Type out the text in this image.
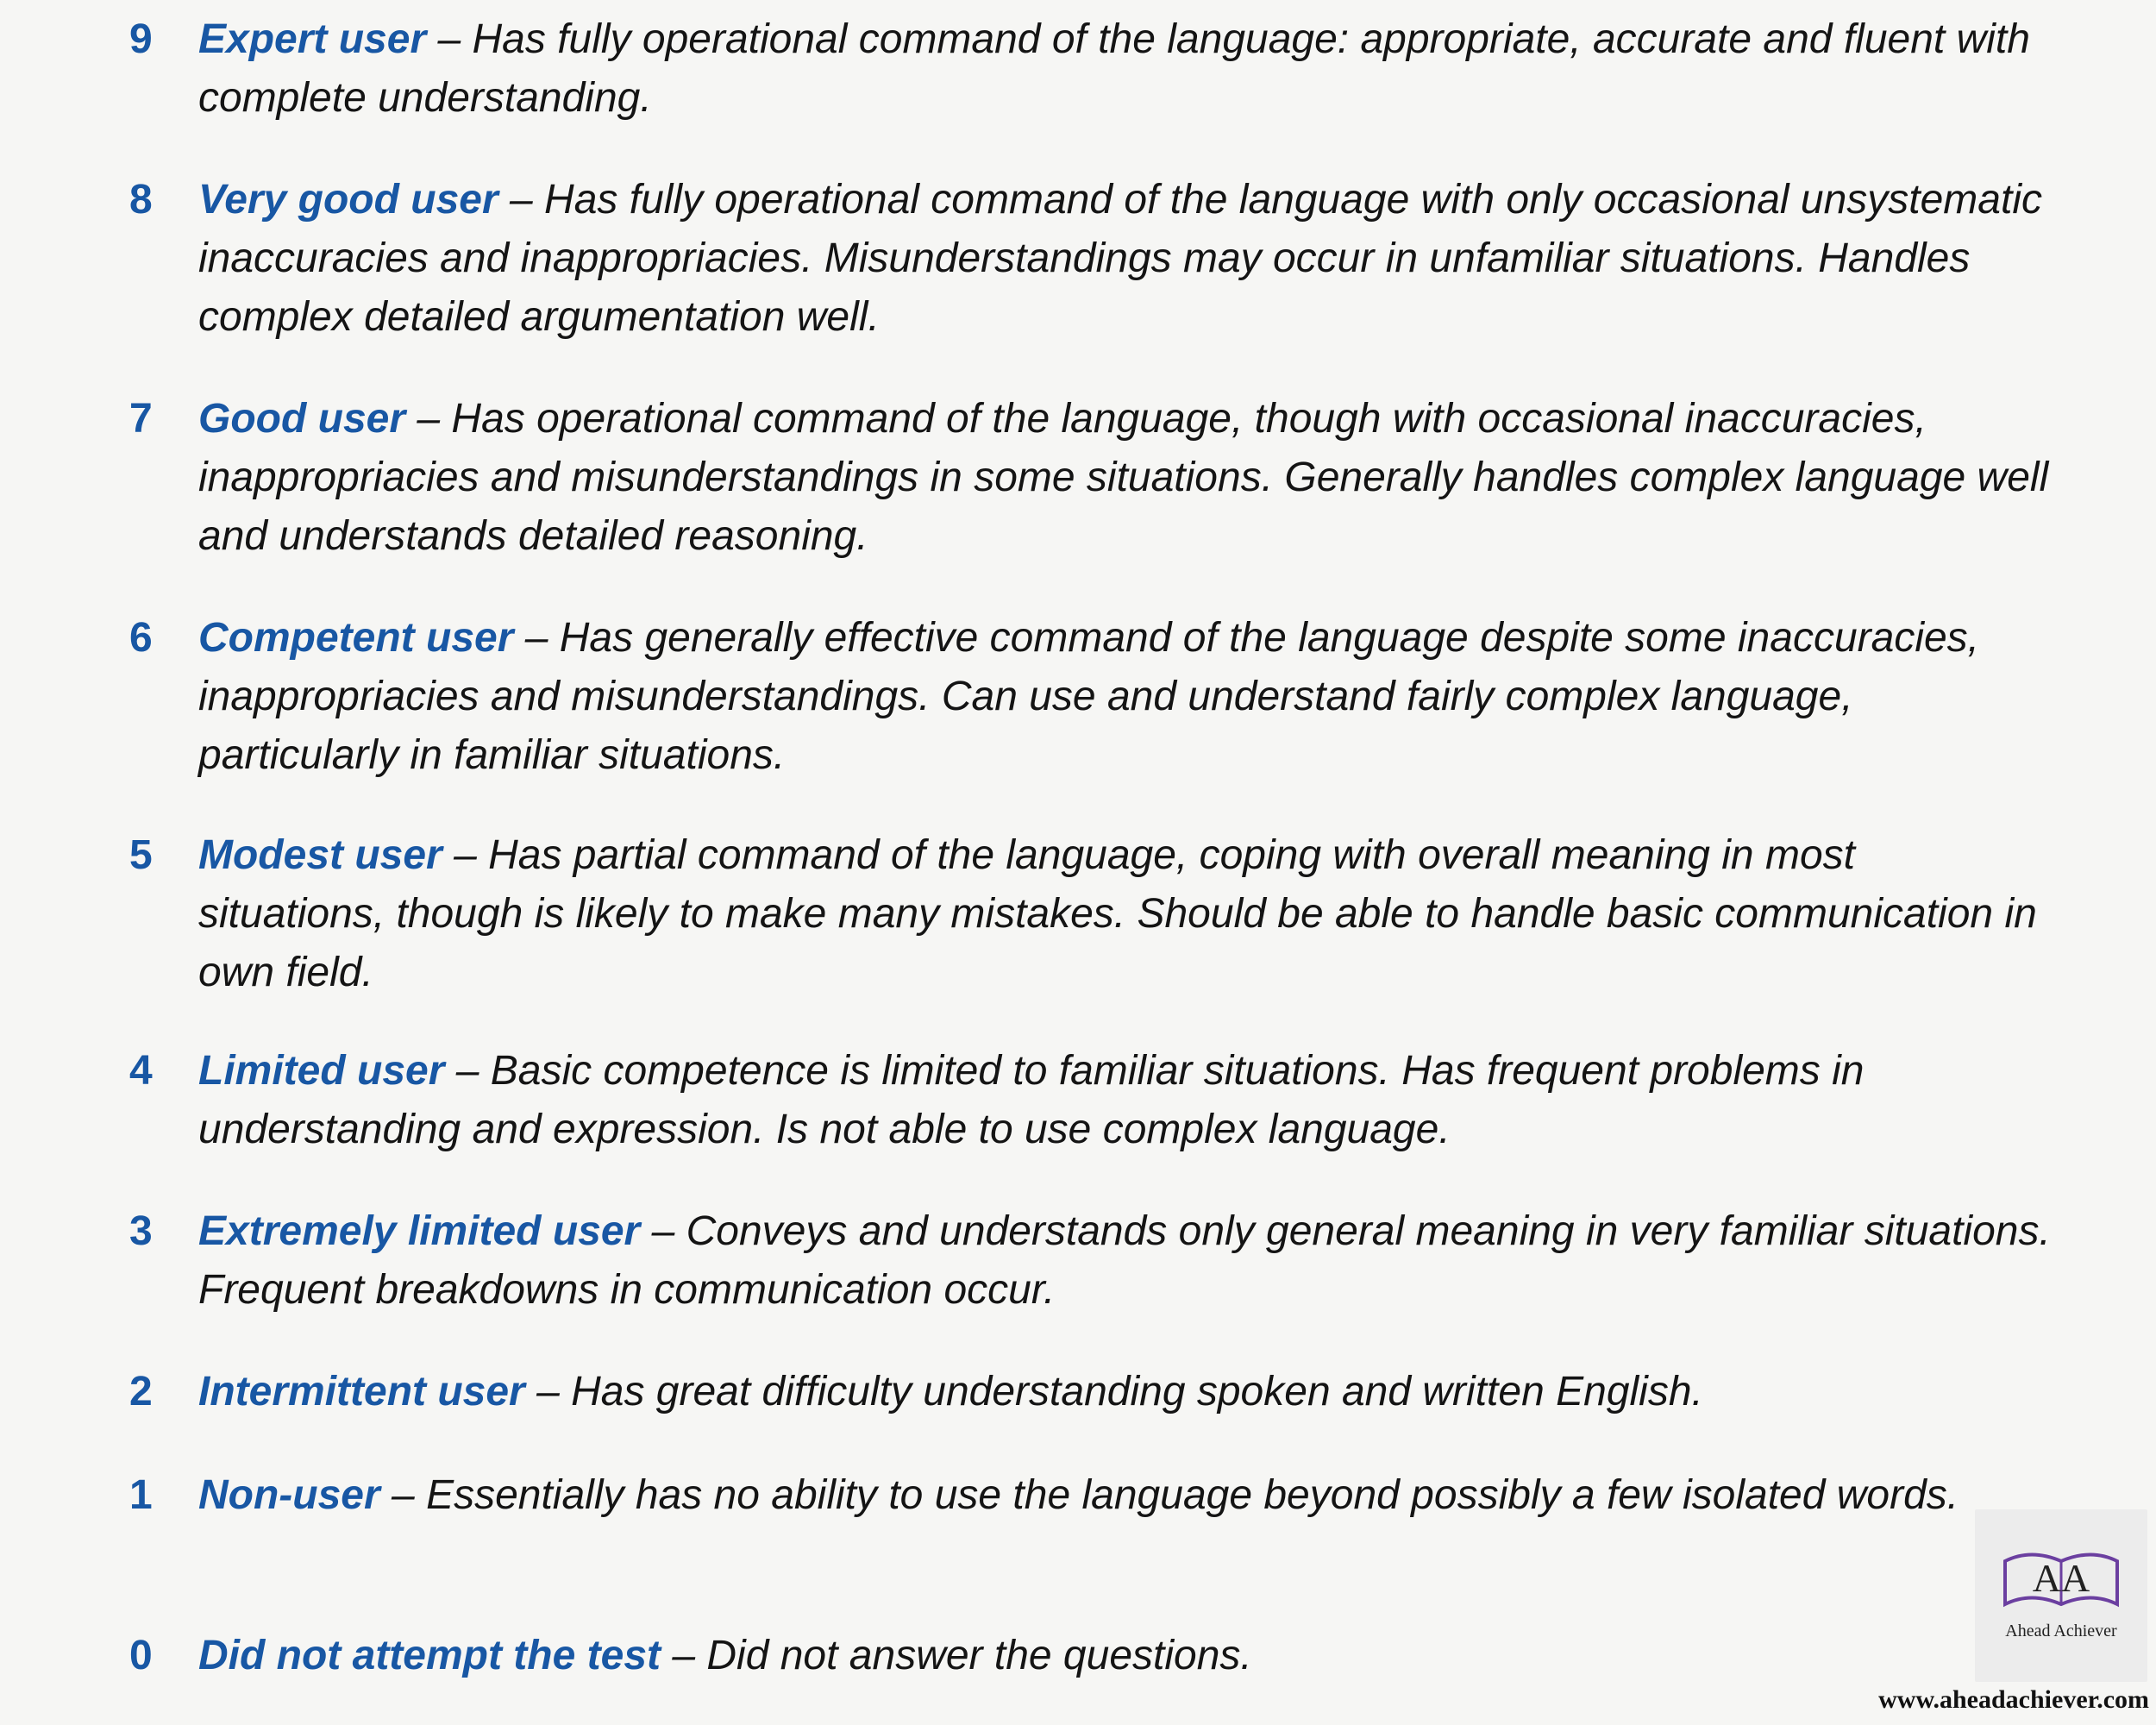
9	Expert user – Has fully operational command of the language: appropriate, accurate and fluent with complete understanding.
8	Very good user – Has fully operational command of the language with only occasional unsystematic inaccuracies and inappropriacies. Misunderstandings may occur in unfamiliar situations. Handles complex detailed argumentation well.
7	Good user – Has operational command of the language, though with occasional inaccuracies, inappropriacies and misunderstandings in some situations. Generally handles complex language well and understands detailed reasoning.
6	Competent user – Has generally effective command of the language despite some inaccuracies, inappropriacies and misunderstandings. Can use and understand fairly complex language, particularly in familiar situations.
5	Modest user – Has partial command of the language, coping with overall meaning in most situations, though is likely to make many mistakes. Should be able to handle basic communication in own field.
4	Limited user – Basic competence is limited to familiar situations. Has frequent problems in understanding and expression. Is not able to use complex language.
3	Extremely limited user – Conveys and understands only general meaning in very familiar situations. Frequent breakdowns in communication occur.
2	Intermittent user – Has great difficulty understanding spoken and written English.
1	Non-user – Essentially has no ability to use the language beyond possibly a few isolated words.
0	Did not attempt the test – Did not answer the questions.
AA
Ahead Achiever
www.aheadachiever.com
